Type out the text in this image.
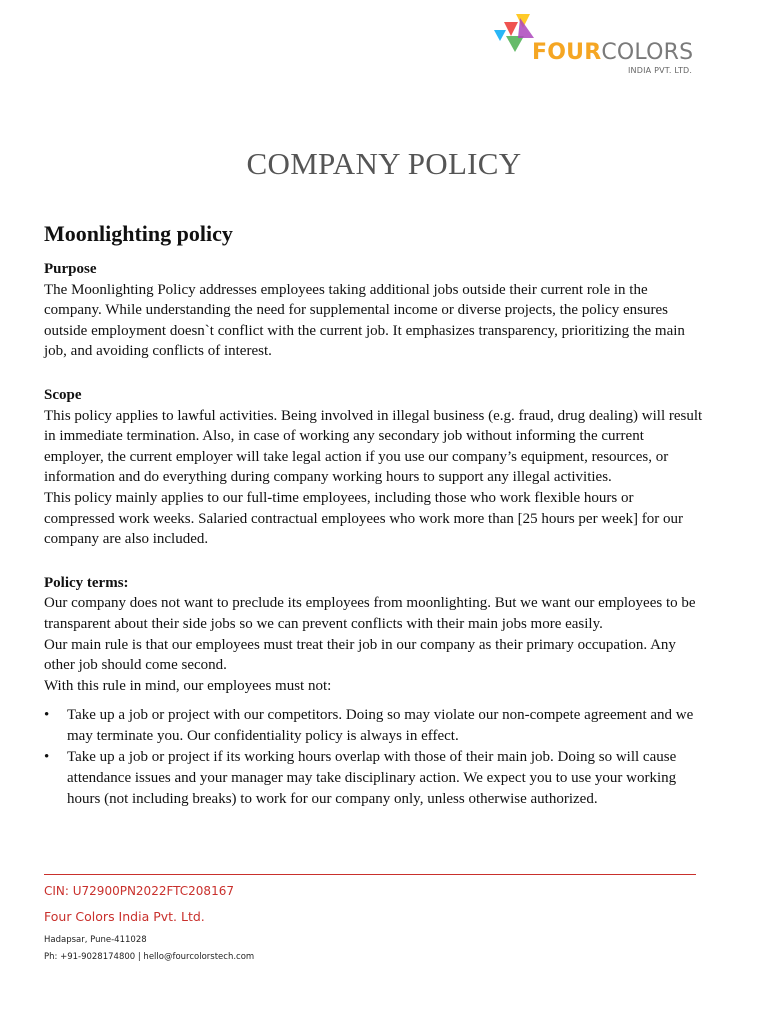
FOURCOLORS
INDIA PVT. LTD.
COMPANY POLICY
Moonlighting policy
Purpose

The Moonlighting Policy addresses employees taking additional jobs outside their current role in the

company. While understanding the need for supplemental income or diverse projects, the policy ensures

outside employment doesn`t conflict with the current job. It emphasizes transparency, prioritizing the main

job, and avoiding conflicts of interest.

Scope

This policy applies to lawful activities. Being involved in illegal business (e.g. fraud, drug dealing) will result

in immediate termination. Also, in case of working any secondary job without informing the current

employer, the current employer will take legal action if you use our company’s equipment, resources, or

information and do everything during company working hours to support any illegal activities.

This policy mainly applies to our full-time employees, including those who work flexible hours or

compressed work weeks. Salaried contractual employees who work more than [25 hours per week] for our

company are also included.

Policy terms:

Our company does not want to preclude its employees from moonlighting. But we want our employees to be

transparent about their side jobs so we can prevent conflicts with their main jobs more easily.

Our main rule is that our employees must treat their job in our company as their primary occupation. Any

other job should come second.

With this rule in mind, our employees must not:

• Take up a job or project with our competitors. Doing so may violate our non-compete agreement and we
may terminate you. Our confidentiality policy is always in effect.
• Take up a job or project if its working hours overlap with those of their main job. Doing so will cause
attendance issues and your manager may take disciplinary action. We expect you to use your working
hours (not including breaks) to work for our company only, unless otherwise authorized.
CIN: U72900PN2022FTC208167
Four Colors India Pvt. Ltd.
Hadapsar, Pune-411028
Ph: +91-9028174800 | hello@fourcolorstech.com
